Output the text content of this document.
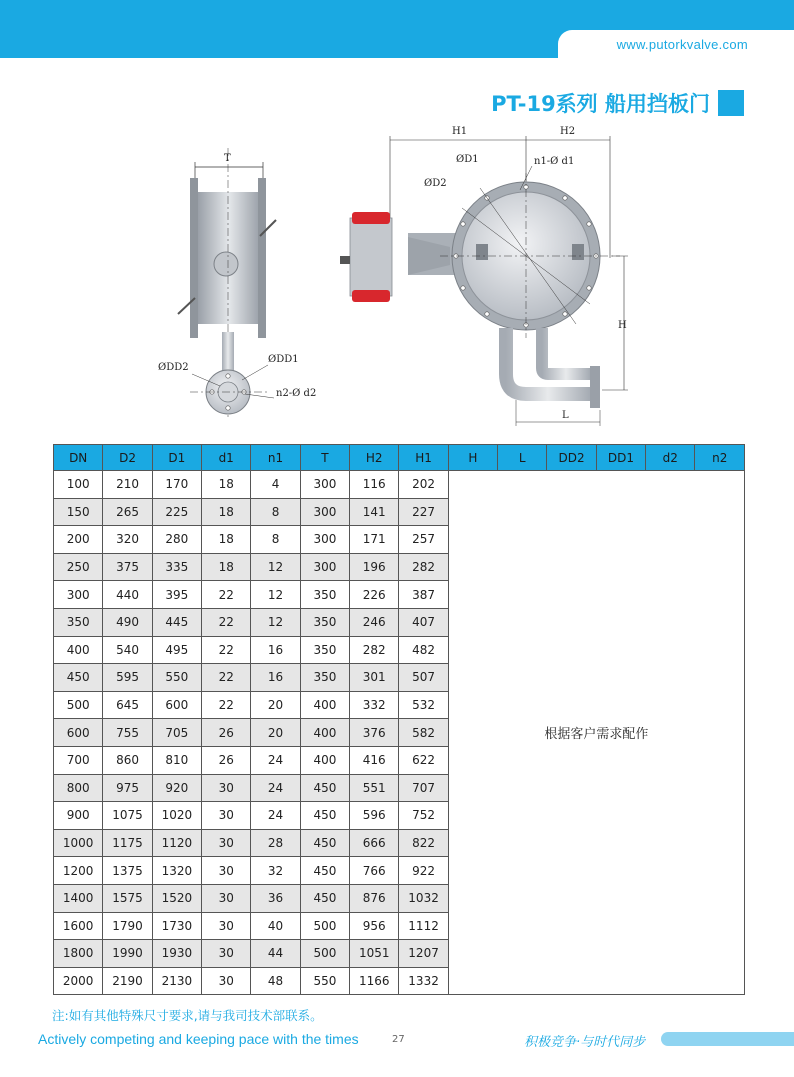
www.putorkvalve.com
PT-19系列 船用挡板门
T
ØDD2
ØDD1
n2-Ø d2
H1	H2
ØD1
ØD2
n1-Ø d1
H
L
DN	D2	D1	d1	n1	T	H2	H1	H	L	DD2	DD1	d2	n2
100	210	170	18	4	300	116	202	根据客户需求配作					
150	265	225	18	8	300	141	227						
200	320	280	18	8	300	171	257						
250	375	335	18	12	300	196	282						
300	440	395	22	12	350	226	387						
350	490	445	22	12	350	246	407						
400	540	495	22	16	350	282	482						
450	595	550	22	16	350	301	507						
500	645	600	22	20	400	332	532						
600	755	705	26	20	400	376	582						
700	860	810	26	24	400	416	622						
800	975	920	30	24	450	551	707						
900	1075	1020	30	24	450	596	752						
1000	1175	1120	30	28	450	666	822						
1200	1375	1320	30	32	450	766	922						
1400	1575	1520	30	36	450	876	1032						
1600	1790	1730	30	40	500	956	1112						
1800	1990	1930	30	44	500	1051	1207						
2000	2190	2130	30	48	550	1166	1332						
注:如有其他特殊尺寸要求,请与我司技术部联系。
Actively competing and keeping pace with the times	27	积极竞争·与时代同步
